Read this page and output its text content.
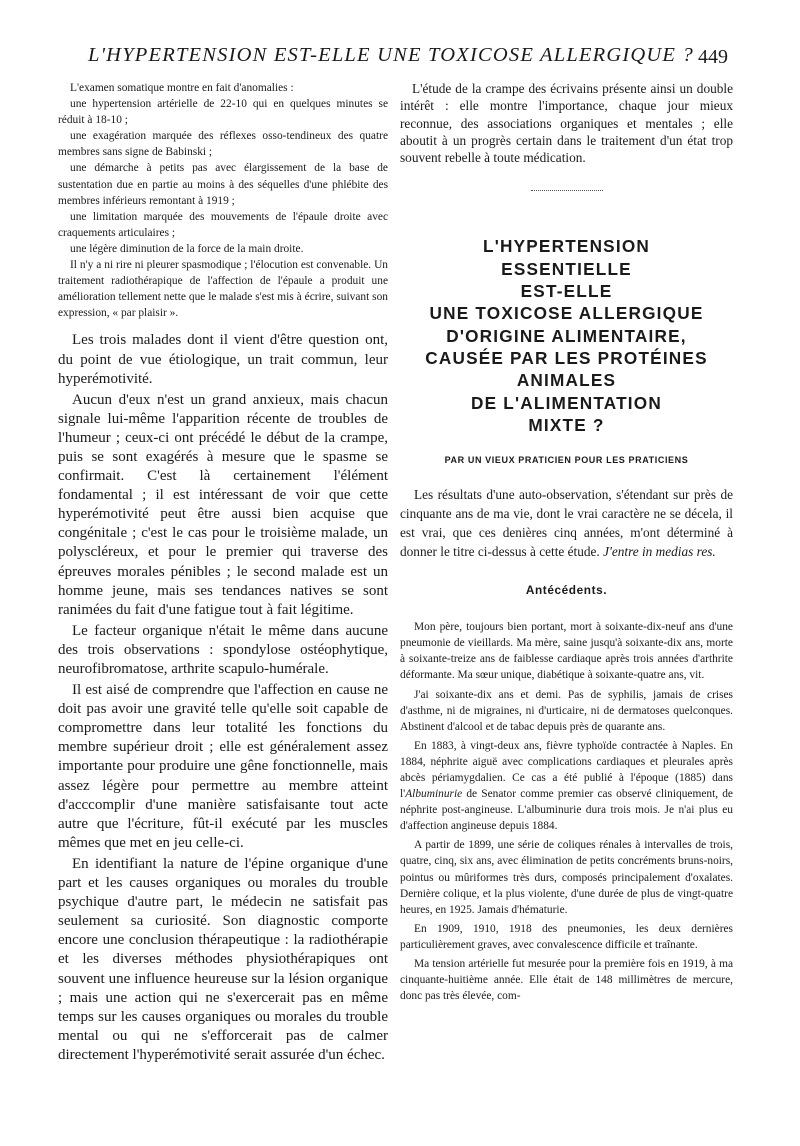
L'HYPERTENSION EST-ELLE UNE TOXICOSE ALLERGIQUE ? 449

L'examen somatique montre en fait d'anomalies :

une hypertension artérielle de 22-10 qui en quelques minutes se réduit à 18-10 ;

une exagération marquée des réflexes osso-tendineux des quatre membres sans signe de Babinski ;

une démarche à petits pas avec élargissement de la base de sustentation due en partie au moins à des séquelles d'une phlébite des membres inférieurs remontant à 1919 ;

une limitation marquée des mouvements de l'épaule droite avec craquements articulaires ;

une légère diminution de la force de la main droite.

Il n'y a ni rire ni pleurer spasmodique ; l'élocution est convenable. Un traitement radiothérapique de l'affection de l'épaule a produit une amélioration tellement nette que le malade s'est mis à écrire, suivant son expression, « par plaisir ».

Les trois malades dont il vient d'être question ont, du point de vue étiologique, un trait commun, leur hyperémotivité.

Aucun d'eux n'est un grand anxieux, mais chacun signale lui-même l'apparition récente de troubles de l'humeur ; ceux-ci ont précédé le début de la crampe, puis se sont exagérés à mesure que le spasme se confirmait. C'est là certainement l'élément fondamental ; il est intéressant de voir que cette hyperémotivité peut être aussi bien acquise que congénitale ; c'est le cas pour le troisième malade, un polyscléreux, et pour le premier qui traverse des épreuves morales pénibles ; le second malade est un homme jeune, mais ses tendances natives se sont ranimées du fait d'une fatigue tout à fait légitime.

Le facteur organique n'était le même dans aucune des trois observations : spondylose ostéophytique, neurofibromatose, arthrite scapulo-humérale.

Il est aisé de comprendre que l'affection en cause ne doit pas avoir une gravité telle qu'elle soit capable de compromettre dans leur totalité les fonctions du membre supérieur droit ; elle est généralement assez importante pour produire une gêne fonctionnelle, mais assez légère pour permettre au membre atteint d'acccomplir d'une manière satisfaisante tout acte autre que l'écriture, fût-il exécuté par les muscles mêmes que met en jeu celle-ci.

En identifiant la nature de l'épine organique d'une part et les causes organiques ou morales du trouble psychique d'autre part, le médecin ne satisfait pas seulement sa curiosité. Son diagnostic comporte encore une conclusion thérapeutique : la radiothérapie et les diverses méthodes physiothérapiques ont souvent une influence heureuse sur la lésion organique ; mais une action qui ne s'exercerait pas en même temps sur les causes organiques ou morales du trouble mental ou qui ne s'efforcerait pas de calmer directement l'hyperémotivité serait assurée d'un échec.

L'étude de la crampe des écrivains présente ainsi un double intérêt : elle montre l'importance, chaque jour mieux reconnue, des associations organiques et mentales ; elle aboutit à un progrès certain dans le traitement d'un état trop souvent rebelle à toute médication.

L'HYPERTENSION
ESSENTIELLE
EST-ELLE
UNE TOXICOSE ALLERGIQUE
D'ORIGINE ALIMENTAIRE,
CAUSÉE PAR LES PROTÉINES
ANIMALES
DE L'ALIMENTATION
MIXTE ?
PAR UN VIEUX PRATICIEN POUR LES PRATICIENS

Les résultats d'une auto-observation, s'étendant sur près de cinquante ans de ma vie, dont le vrai caractère ne se décela, il est vrai, que ces denières cinq années, m'ont déterminé à donner le titre ci-dessus à cette étude. J'entre in medias res.

Antécédents.

Mon père, toujours bien portant, mort à soixante-dix-neuf ans d'une pneumonie de vieillards. Ma mère, saine jusqu'à soixante-dix ans, morte à soixante-treize ans de faiblesse cardiaque après trois années d'arthrite déformante. Ma sœur unique, diabétique à soixante-quatre ans, vit.

J'ai soixante-dix ans et demi. Pas de syphilis, jamais de crises d'asthme, ni de migraines, ni d'urticaire, ni de dermatoses quelconques. Abstinent d'alcool et de tabac depuis près de quarante ans.

En 1883, à vingt-deux ans, fièvre typhoïde contractée à Naples. En 1884, néphrite aiguë avec complications cardiaques et pleurales après abcès périamygdalien. Ce cas a été publié à l'époque (1885) dans l'Albuminurie de Senator comme premier cas observé cliniquement, de néphrite post-angineuse. L'albuminurie dura trois mois. Je n'ai plus eu d'affection angineuse depuis 1884.

A partir de 1899, une série de coliques rénales à intervalles de trois, quatre, cinq, six ans, avec élimination de petits concréments bruns-noirs, pointus ou mûriformes très durs, composés principalement d'oxalates. Dernière colique, et la plus violente, d'une durée de plus de vingt-quatre heures, en 1925. Jamais d'hématurie.

En 1909, 1910, 1918 des pneumonies, les deux dernières particulièrement graves, avec convalescence difficile et traînante.

Ma tension artérielle fut mesurée pour la première fois en 1919, à ma cinquante-huitième année. Elle était de 148 millimètres de mercure, donc pas très élevée, com-
